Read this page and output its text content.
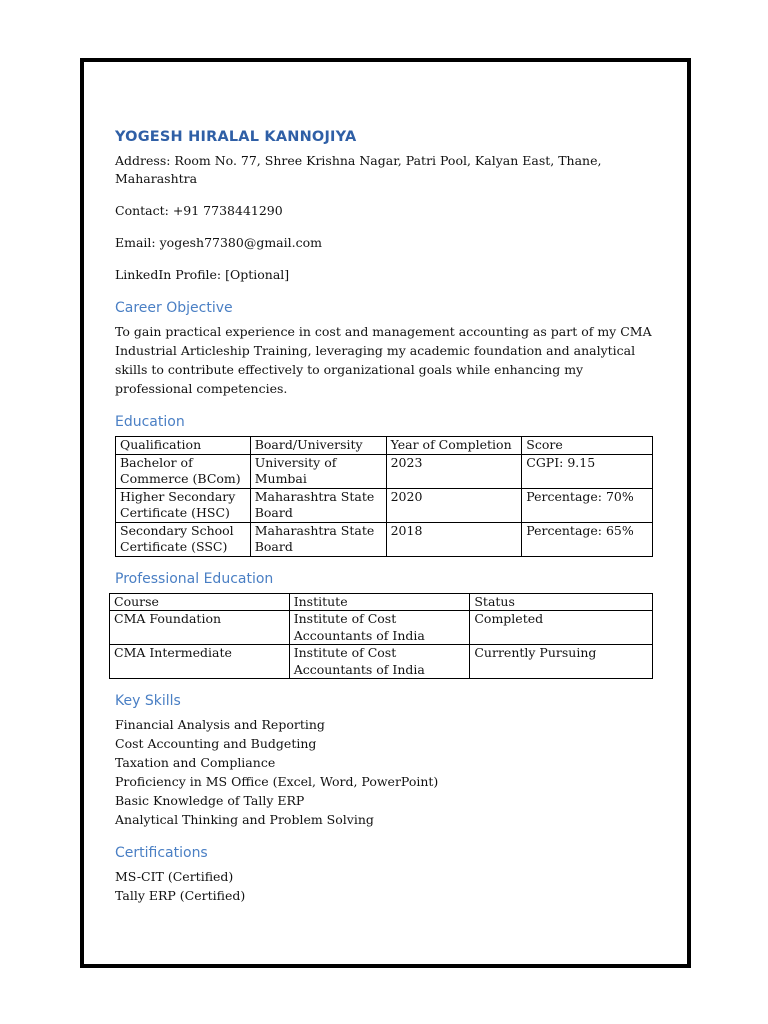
YOGESH HIRALAL KANNOJIYA
Address: Room No. 77, Shree Krishna Nagar, Patri Pool, Kalyan East, Thane, Maharashtra
Contact: +91 7738441290
Email: yogesh77380@gmail.com
LinkedIn Profile: [Optional]
Career Objective
To gain practical experience in cost and management accounting as part of my CMA Industrial Articleship Training, leveraging my academic foundation and analytical skills to contribute effectively to organizational goals while enhancing my professional competencies.
Education
Qualification	Board/University	Year of Completion	Score
Bachelor of Commerce (BCom)	University of Mumbai	2023	CGPI: 9.15
Higher Secondary Certificate (HSC)	Maharashtra State Board	2020	Percentage: 70%
Secondary School Certificate (SSC)	Maharashtra State Board	2018	Percentage: 65%
Professional Education
Course	Institute	Status
CMA Foundation	Institute of Cost Accountants of India	Completed
CMA Intermediate	Institute of Cost Accountants of India	Currently Pursuing
Key Skills
Financial Analysis and Reporting
Cost Accounting and Budgeting
Taxation and Compliance
Proficiency in MS Office (Excel, Word, PowerPoint)
Basic Knowledge of Tally ERP
Analytical Thinking and Problem Solving
Certifications
MS-CIT (Certified)
Tally ERP (Certified)
